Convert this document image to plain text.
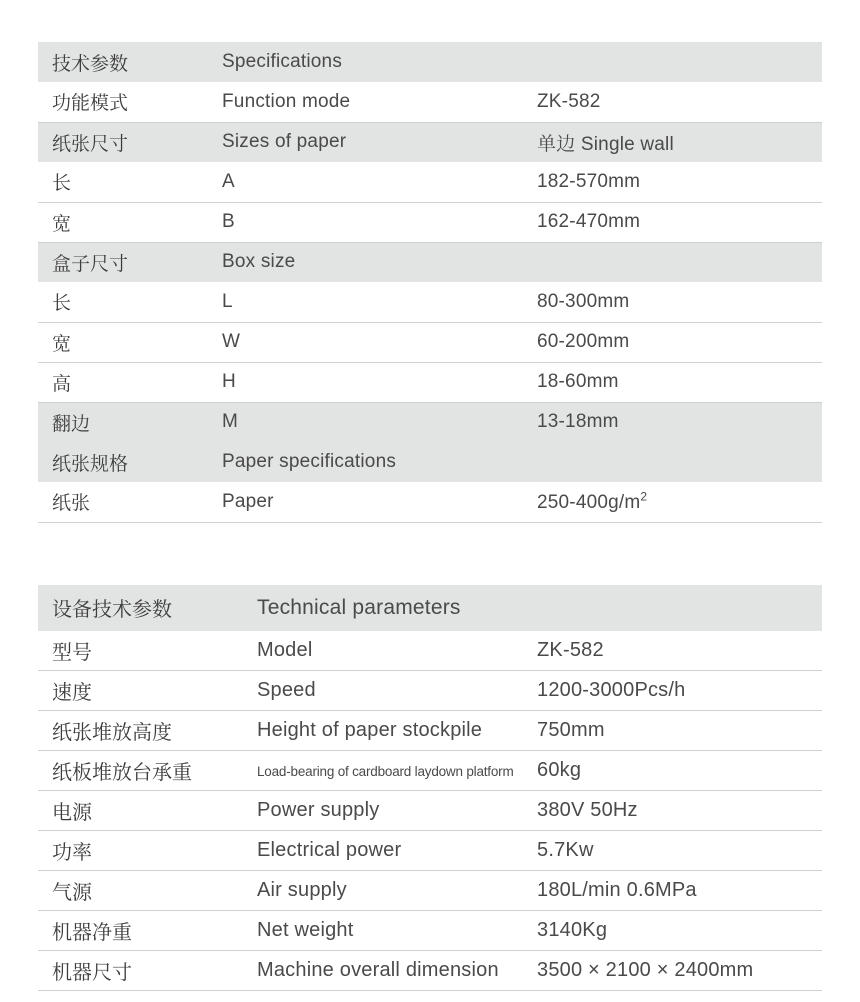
技术参数	Specifications	
功能模式	Function mode	ZK-582
纸张尺寸	Sizes of paper	单边 Single wall
长	A	182-570mm
宽	B	162-470mm
盒子尺寸	Box size	
长	L	80-300mm
宽	W	60-200mm
高	H	18-60mm
翻边	M	13-18mm
纸张规格	Paper specifications	
纸张	Paper	$250-400g/m^2$
设备技术参数	Technical parameters	
型号	Model	ZK-582
速度	Speed	1200-3000Pcs/h
纸张堆放高度	Height of paper stockpile	750mm
纸板堆放台承重	Load-bearing of cardboard laydown platform	60kg
电源	Power supply	380V 50Hz
功率	Electrical power	5.7Kw
气源	Air supply	180L/min 0.6MPa
机器净重	Net weight	3140Kg
机器尺寸	Machine overall dimension	3500 × 2100 × 2400mm
